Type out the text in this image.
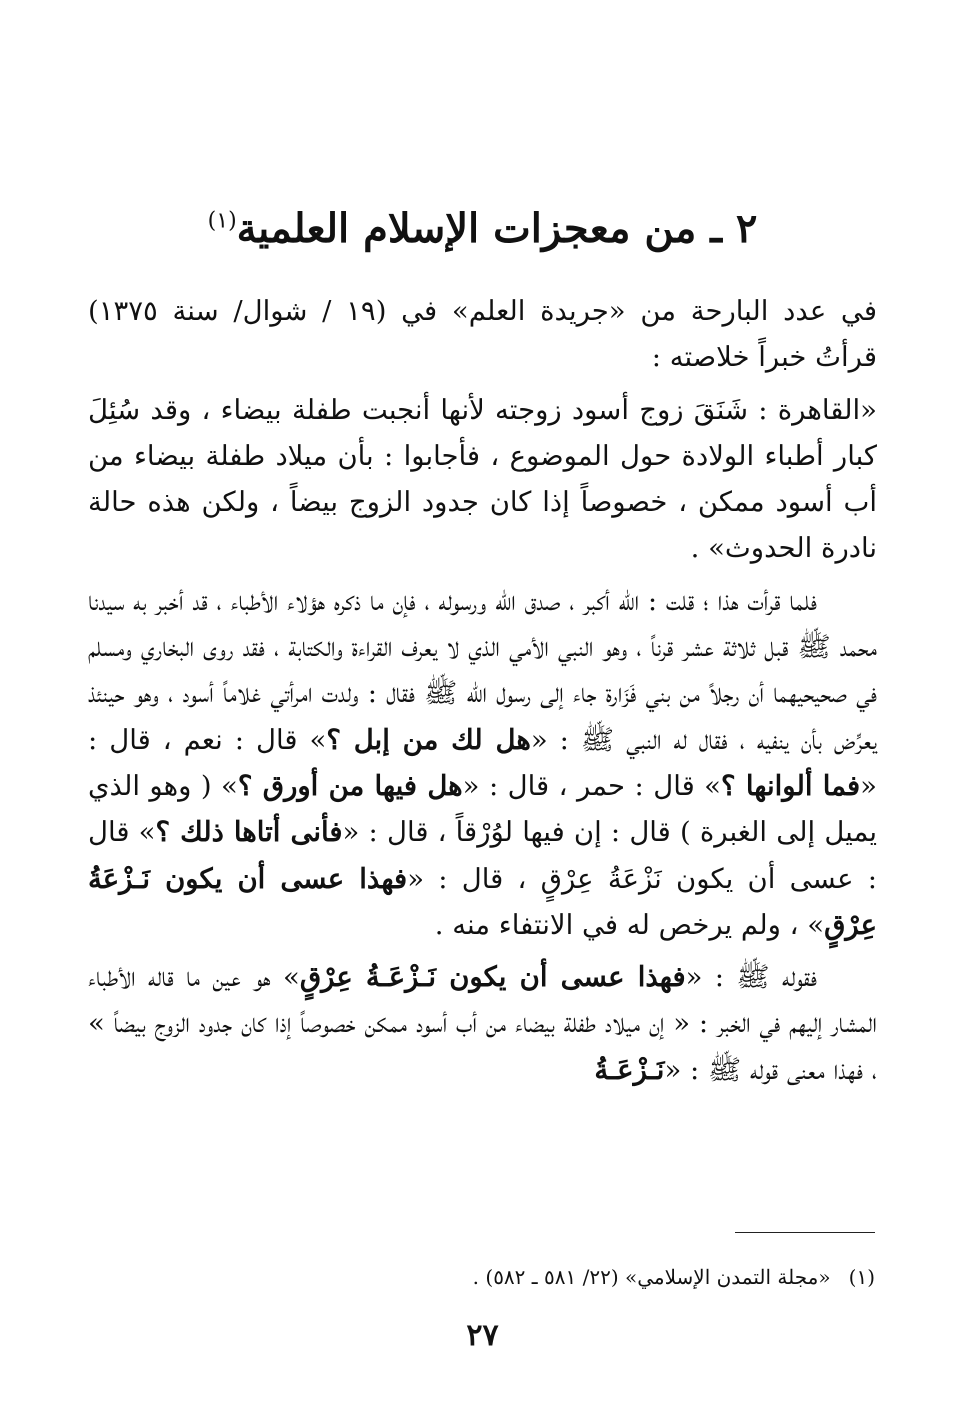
٢ ـ من معجزات الإسلام العلمية$^{(١)}$

في عدد البارحة من «جريدة العلم» في (١٩ / شوال/ سنة ١٣٧٥) قرأتُ خبراً خلاصته :

«القاهرة : شَنَقَ زوج أسود زوجته لأنها أنجبت طفلة بيضاء ، وقد سُئِلَ كبار أطباء الولادة حول الموضوع ، فأجابوا : بأن ميلاد طفلة بيضاء من أب أسود ممكن ، خصوصاً إذا كان جدود الزوج بيضاً ، ولكن هذه حالة نادرة الحدوث» .

فلما قرأت هذا ؛ قلت : الله أكبر ، صدق الله ورسوله ، فإن ما ذكره هؤلاء الأطباء ، قد أخبر به سيدنا محمد ﷺ قبل ثلاثة عشر قرناً ، وهو النبي الأمي الذي لا يعرف القراءة والكتابة ، فقد روى البخاري ومسلم في صحيحيهما أن رجلاً من بني فَزَارة جاء إلى رسول الله ﷺ فقال : ولدت امرأتي غلاماً أسود ، وهو حينئذ يعرِّض بأن ينفيه ، فقال له النبي ﷺ : «هل لك من إبل ؟» قال : نعم ، قال : «فما ألوانها ؟» قال : حمر ، قال : «هل فيها من أورق ؟» ( وهو الذي يميل إلى الغبرة ) قال : إن فيها لوُرْقاً ، قال : «فأنى أتاها ذلك ؟» قال : عسى أن يكون نَزْعَةُ عِرْقٍ ، قال : «فهذا عسى أن يكون نَـزْعَةُ عِرْقٍ» ، ولم يرخص له في الانتفاء منه .

فقوله ﷺ : «فهذا عسى أن يكون نَـزْعَـةُ عِرْقٍ» هو عين ما قاله الأطباء المشار إليهم في الخبر : « إن ميلاد طفلة بيضاء من أب أسود ممكن خصوصاً إذا كان جدود الزوج بيضاً » ، فهذا معنى قوله ﷺ : «نَـزْعَـةُ

(١)«مجلة التمدن الإسلامي» (٢٢/ ٥٨١ ـ ٥٨٢) .
٢٧
